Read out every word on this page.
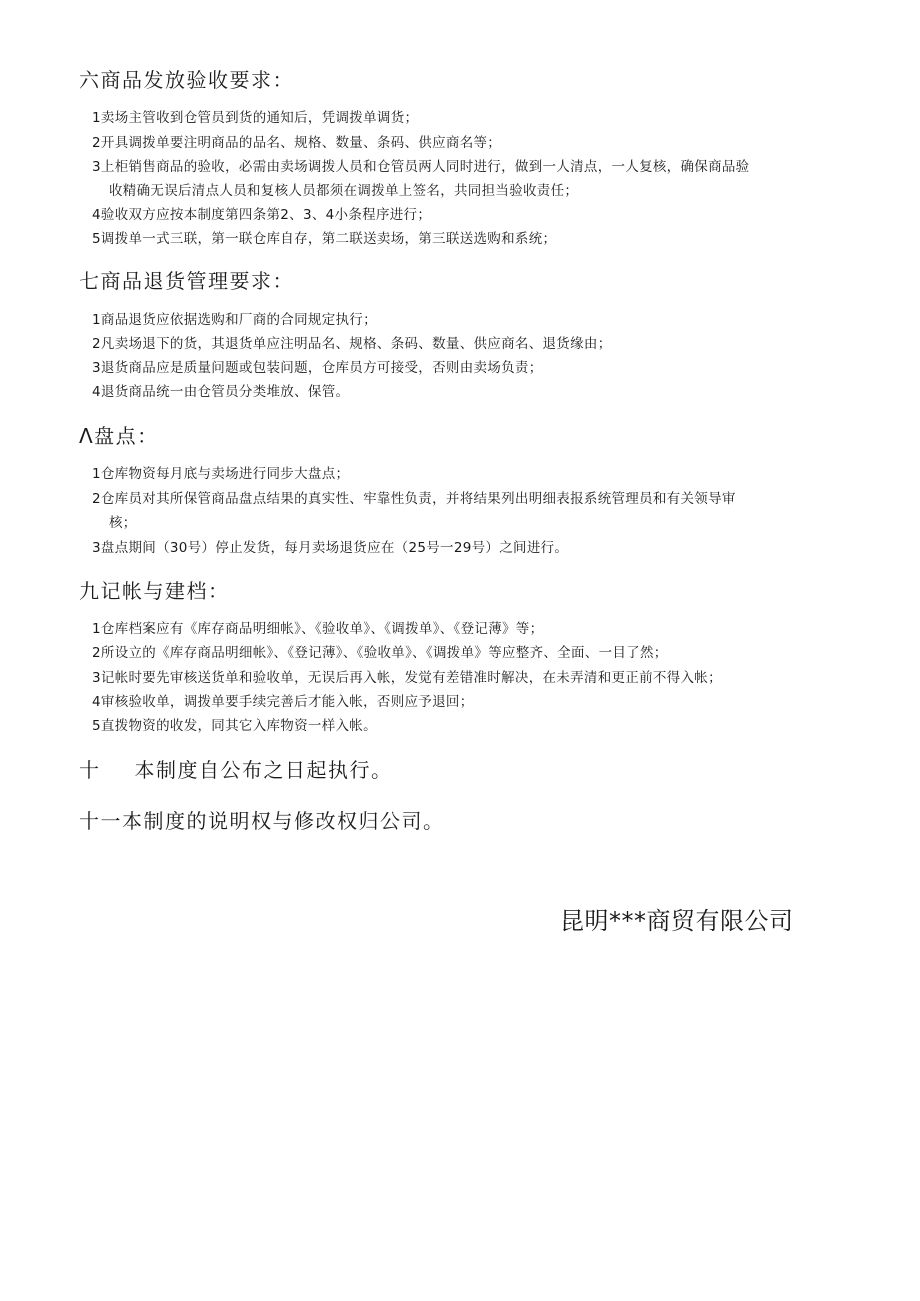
六商品发放验收要求：
1卖场主管收到仓管员到货的通知后，凭调拨单调货；
2开具调拨单要注明商品的品名、规格、数量、条码、供应商名等；
3上柜销售商品的验收，必需由卖场调拨人员和仓管员两人同时进行，做到一人清点，一人复核，确保商品验
收精确无误后清点人员和复核人员都须在调拨单上签名，共同担当验收责任；
4验收双方应按本制度第四条第2、3、4小条程序进行；
5调拨单一式三联，第一联仓库自存，第二联送卖场，第三联送选购和系统；
七商品退货管理要求：
1商品退货应依据选购和厂商的合同规定执行；
2凡卖场退下的货，其退货单应注明品名、规格、条码、数量、供应商名、退货缘由；
3退货商品应是质量问题或包装问题，仓库员方可接受，否则由卖场负责；
4退货商品统一由仓管员分类堆放、保管。
Λ盘点：
1仓库物资每月底与卖场进行同步大盘点；
2仓库员对其所保管商品盘点结果的真实性、牢靠性负责，并将结果列出明细表报系统管理员和有关领导审
核；
3盘点期间（30号）停止发货，每月卖场退货应在（25号一29号）之间进行。
九记帐与建档：
1仓库档案应有《库存商品明细帐》、《验收单》、《调拨单》、《登记薄》等；
2所设立的《库存商品明细帐》、《登记薄》、《验收单》、《调拨单》等应整齐、全面、一目了然；
3记帐时要先审核送货单和验收单，无误后再入帐，发觉有差错准时解决，在未弄清和更正前不得入帐；
4审核验收单，调拨单要手续完善后才能入帐，否则应予退回；
5直拨物资的收发，同其它入库物资一样入帐。
十 本制度自公布之日起执行。
十一本制度的说明权与修改权归公司。
昆明***商贸有限公司
